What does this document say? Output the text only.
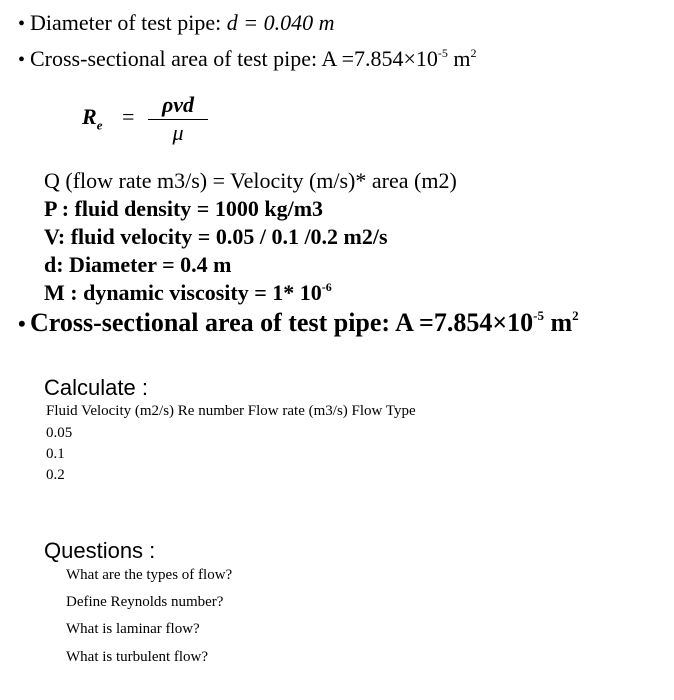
• Diameter of test pipe: d = 0.040 m
• Cross-sectional area of test pipe: $A =7.854\times 10^{-5}$ $m^2$
$R_e$ =	ρvd
μ
Q (flow rate m3/s) = Velocity (m/s)* area (m2)
P : fluid density = 1000 kg/m3
V: fluid velocity = 0.05 / 0.1 /0.2 m2/s
d: Diameter = 0.4 m
M : dynamic viscosity = 1* $10^{-6}$
• Cross-sectional area of test pipe: $A =7.854\times 10^{-5}$ $m^2$
Calculate :
Fluid Velocity (m2/s) Re number Flow rate (m3/s) Flow Type
0.05
0.1
0.2
Questions :
What are the types of flow?
Define Reynolds number?
What is laminar flow?
What is turbulent flow?
